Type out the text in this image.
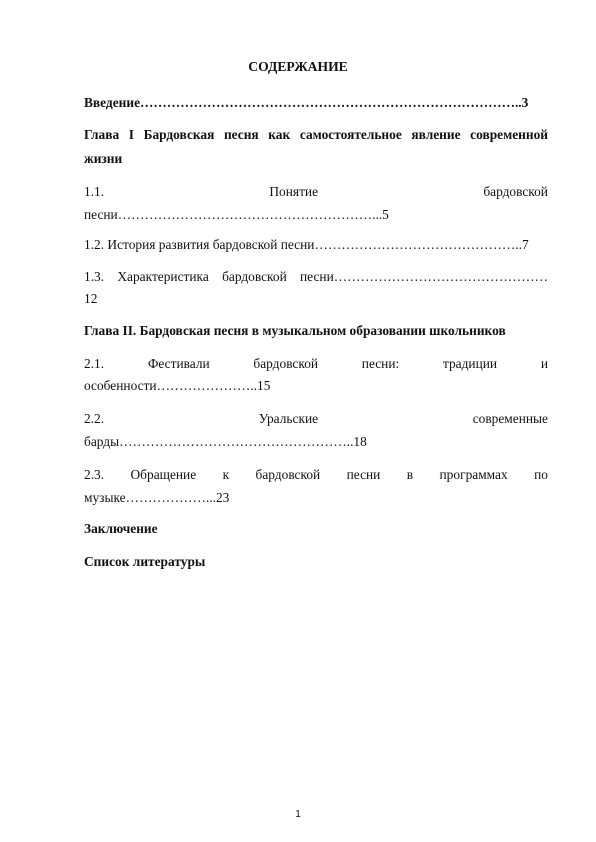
СОДЕРЖАНИЕ
Введение…………………………………………………………………………..3
Глава I Бардовская песня как самостоятельное явление современной
жизни
1.1.	Понятие	бардовской
песни…………………………………………………...5
1.2. История развития бардовской песни………………………………………..7
1.3. Характеристика бардовской песни…………………………………………
12
Глава II. Бардовская песня в музыкальном образовании школьников
2.1.	Фестивали	бардовской	песни:	традиции	и
особенности…………………..15
2.2.	Уральские	современные
барды……………………………………………..18
2.3. Обращение к бардовской песни в программах по
музыке………………...23
Заключение
Список литературы
1
